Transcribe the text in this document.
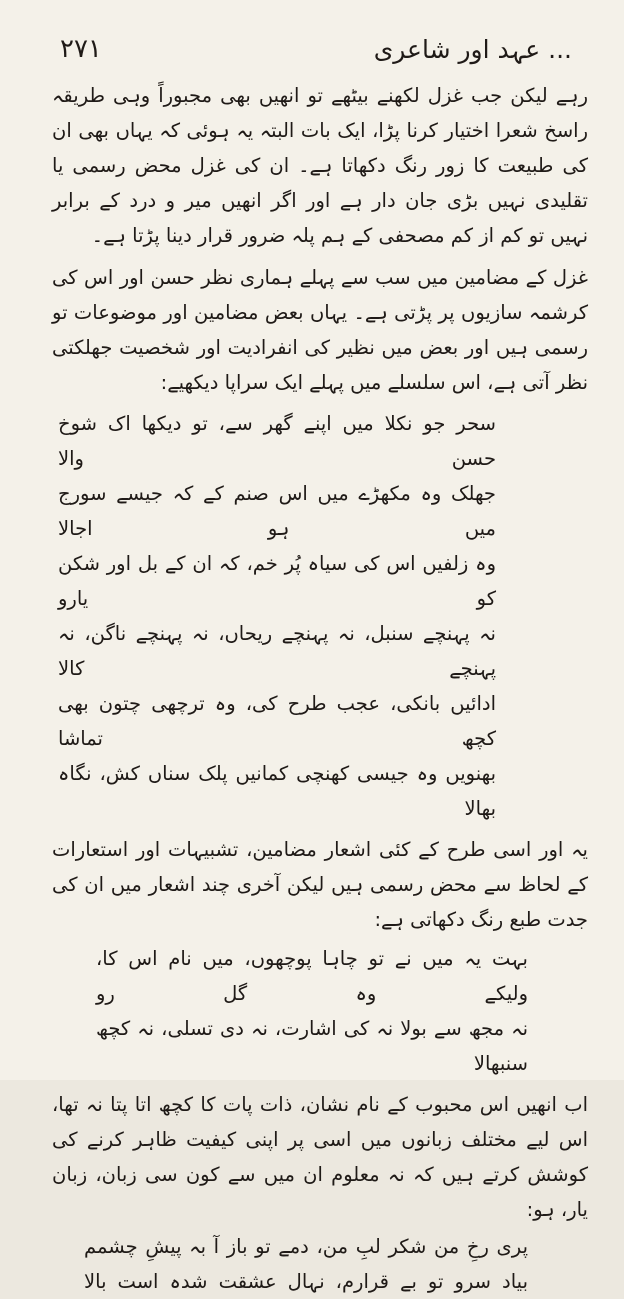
۲۷۱	... عہد اور شاعری

رہے لیکن جب غزل لکھنے بیٹھے تو انھیں بھی مجبوراً وہی طریقہ راسخ شعرا اختیار کرنا پڑا، ایک بات البتہ یہ ہوئی کہ یہاں بھی ان کی طبیعت کا زور رنگ دکھاتا ہے۔ ان کی غزل محض رسمی یا تقلیدی نہیں بڑی جان دار ہے اور اگر انھیں میر و درد کے برابر نہیں تو کم از کم مصحفی کے ہم پلہ ضرور قرار دینا پڑتا ہے۔

غزل کے مضامین میں سب سے پہلے ہماری نظر حسن اور اس کی کرشمہ سازیوں پر پڑتی ہے۔ یہاں بعض مضامین اور موضوعات تو رسمی ہیں اور بعض میں نظیر کی انفرادیت اور شخصیت جھلکتی نظر آتی ہے، اس سلسلے میں پہلے ایک سراپا دیکھیے:

سحر جو نکلا میں اپنے گھر سے، تو دیکھا اک شوخ حسن والا
جھلک وہ مکھڑے میں اس صنم کے کہ جیسے سورج میں ہو اجالا
وہ زلفیں اس کی سیاہ پُر خم، کہ ان کے بل اور شکن کو یارو
نہ پہنچے سنبل، نہ پہنچے ریحاں، نہ پہنچے ناگن، نہ پہنچے کالا
ادائیں بانکی، عجب طرح کی، وہ ترچھی چتون بھی کچھ تماشا
بھنویں وہ جیسی کھنچی کمانیں پلک سناں کش، نگاہ بھالا

یہ اور اسی طرح کے کئی اشعار مضامین، تشبیہات اور استعارات کے لحاظ سے محض رسمی ہیں لیکن آخری چند اشعار میں ان کی جدت طبع رنگ دکھاتی ہے:

بہت یہ میں نے تو چاہا پوچھوں، میں نام اس کا، ولیکے وہ گل رو
نہ مجھ سے بولا نہ کی اشارت، نہ دی تسلی، نہ کچھ سنبھالا

اب انھیں اس محبوب کے نام نشان، ذات پات کا کچھ اتا پتا نہ تھا، اس لیے مختلف زبانوں میں اسی پر اپنی کیفیت ظاہر کرنے کی کوشش کرتے ہیں کہ نہ معلوم ان میں سے کون سی زبان، زبان یار، ہو:

پری رخِ من شکر لبِ من، دمے تو باز آ بہ پیشِ چشمم
بیاد سرو تو بے قرارم، نہال عشقت شدہ است بالا
